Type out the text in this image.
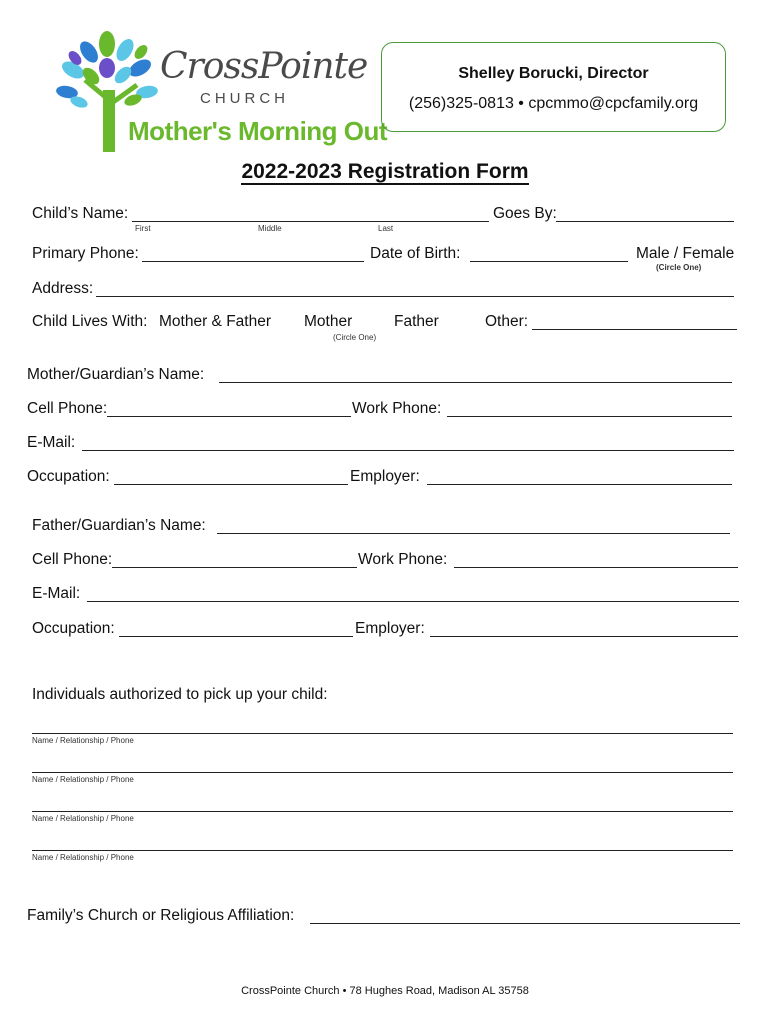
CrossPointe
CHURCH
Mother's Morning Out
Shelley Borucki, Director
(256)325-0813 • cpcmmo@cpcfamily.org
2022-2023 Registration Form
Child’s Name:
First	Middle	Last
Goes By:
Primary Phone:	Date of Birth:	Male / Female
(Circle One)
Address:
Child Lives With: Mother & Father Mother	Father	Other:
(Circle One)
Mother/Guardian’s Name:
Cell Phone:	Work Phone:
E-Mail:
Occupation:	Employer:
Father/Guardian’s Name:
Cell Phone:	Work Phone:
E-Mail:
Occupation:	Employer:
Individuals authorized to pick up your child:
Name / Relationship / Phone
Name / Relationship / Phone
Name / Relationship / Phone
Name / Relationship / Phone
Family’s Church or Religious Affiliation:
CrossPointe Church • 78 Hughes Road, Madison AL 35758
